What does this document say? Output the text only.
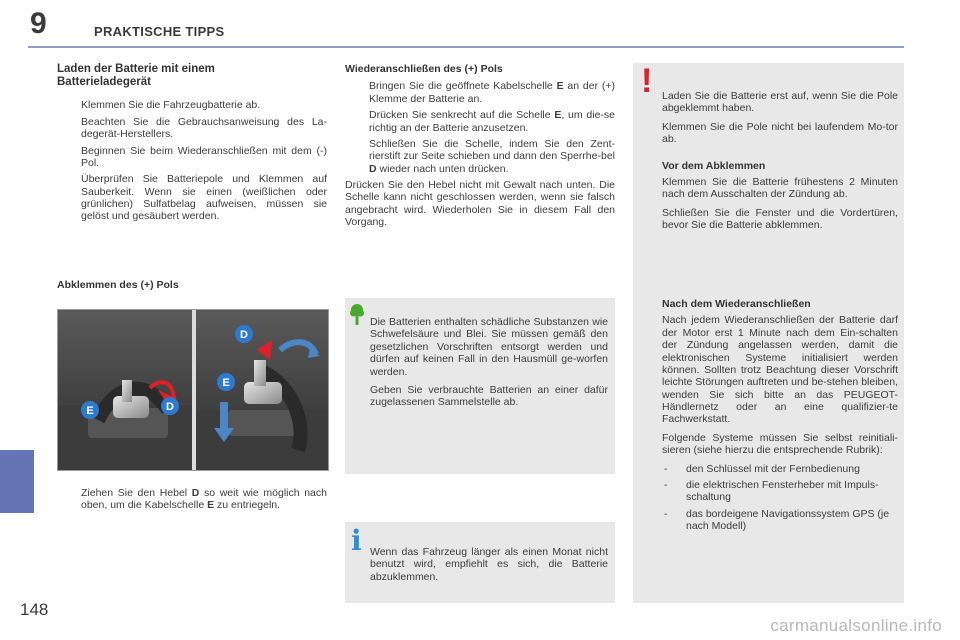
9	PRAKTISCHE TIPPS
Laden der Batterie mit einem
Batterieladegerät
Klemmen Sie die Fahrzeugbatterie ab.
Beachten Sie die Gebrauchsanweisung des La-degerät-Herstellers.
Beginnen Sie beim Wiederanschließen mit dem (-) Pol.
Überprüfen Sie Batteriepole und Klemmen auf Sauberkeit. Wenn sie einen (weißlichen oder grünlichen) Sulfatbelag aufweisen, müssen sie gelöst und gesäubert werden.
Abklemmen des (+) Pols
E	D
E
D
Ziehen Sie den Hebel D so weit wie möglich nach oben, um die Kabelschelle E zu entriegeln.
Wiederanschließen des (+) Pols
Bringen Sie die geöffnete Kabelschelle E an der (+) Klemme der Batterie an.
Drücken Sie senkrecht auf die Schelle E, um die-se richtig an der Batterie anzusetzen.
Schließen Sie die Schelle, indem Sie den Zent-rierstift zur Seite schieben und dann den Sperrhe-bel D wieder nach unten drücken.

Drücken Sie den Hebel nicht mit Gewalt nach unten. Die Schelle kann nicht geschlossen werden, wenn sie falsch angebracht wird. Wiederholen Sie in diesem Fall den Vorgang.

Die Batterien enthalten schädliche Substanzen wie Schwefelsäure und Blei. Sie müssen gemäß den gesetzlichen Vorschriften entsorgt werden und dürfen auf keinen Fall in den Hausmüll ge-worfen werden.

Geben Sie verbrauchte Batterien an einer dafür zugelassenen Sammelstelle ab.

i Wenn das Fahrzeug länger als einen Monat nicht benutzt wird, empfiehlt es sich, die Batterie abzuklemmen.

! Laden Sie die Batterie erst auf, wenn Sie die Pole abgeklemmt haben.

Klemmen Sie die Pole nicht bei laufendem Mo-tor ab.

Vor dem Abklemmen

Klemmen Sie die Batterie frühestens 2 Minuten nach dem Ausschalten der Zündung ab.

Schließen Sie die Fenster und die Vordertüren, bevor Sie die Batterie abklemmen.

Nach dem Wiederanschließen

Nach jedem Wiederanschließen der Batterie darf der Motor erst 1 Minute nach dem Ein-schalten der Zündung angelassen werden, damit die elektronischen Systeme initialisiert werden können. Sollten trotz Beachtung dieser Vorschrift leichte Störungen auftreten und be-stehen bleiben, wenden Sie sich bitte an das PEUGEOT-Händlernetz oder an eine qualifizier-te Fachwerkstatt.

Folgende Systeme müssen Sie selbst reinitiali-sieren (siehe hierzu die entsprechende Rubrik):

- den Schlüssel mit der Fernbedienung
- die elektrischen Fensterheber mit Impuls-schaltung
- das bordeigene Navigationssystem GPS (je nach Modell)
148
carmanualsonline.info
